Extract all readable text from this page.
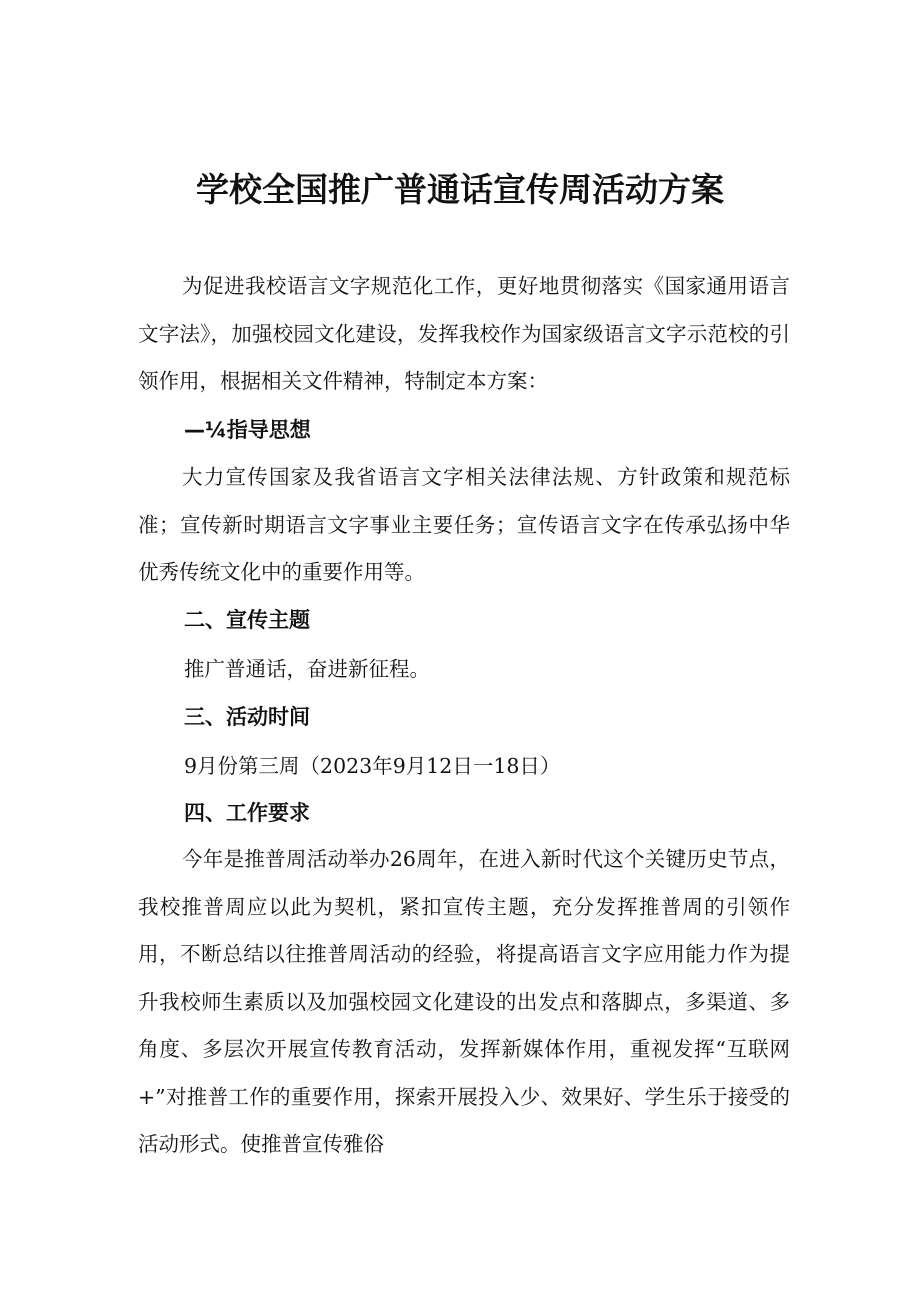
学校全国推广普通话宣传周活动方案

为促进我校语言文字规范化工作，更好地贯彻落实《国家通用语言文字法》，加强校园文化建设，发挥我校作为国家级语言文字示范校的引领作用，根据相关文件精神，特制定本方案：

—¼指导思想

大力宣传国家及我省语言文字相关法律法规、方针政策和规范标准；宣传新时期语言文字事业主要任务；宣传语言文字在传承弘扬中华优秀传统文化中的重要作用等。

二、宣传主题

推广普通话，奋进新征程。

三、活动时间

9月份第三周（2023年9月12日一18日）

四、工作要求

今年是推普周活动举办26周年，在进入新时代这个关键历史节点，我校推普周应以此为契机，紧扣宣传主题，充分发挥推普周的引领作用，不断总结以往推普周活动的经验，将提高语言文字应用能力作为提升我校师生素质以及加强校园文化建设的出发点和落脚点，多渠道、多角度、多层次开展宣传教育活动，发挥新媒体作用，重视发挥“互联网+”对推普工作的重要作用，探索开展投入少、效果好、学生乐于接受的活动形式。使推普宣传雅俗
